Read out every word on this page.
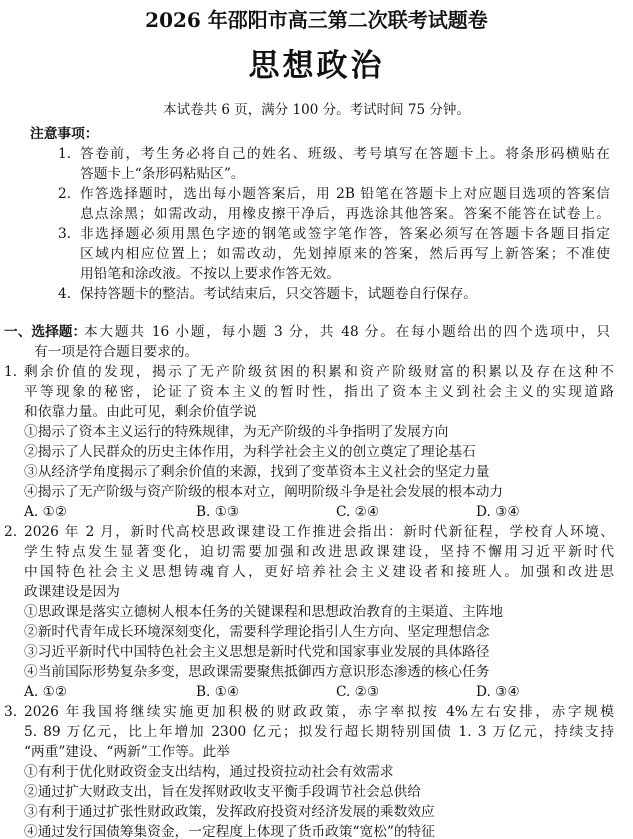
2026 年邵阳市高三第二次联考试题卷
思想政治
本试卷共 6 页，满分 100 分。考试时间 75 分钟。
注意事项：
1. 答卷前，考生务必将自己的姓名、班级、考号填写在答题卡上。将条形码横贴在
答题卡上“条形码粘贴区”。
2. 作答选择题时，选出每小题答案后，用 2B 铅笔在答题卡上对应题目选项的答案信
息点涂黑；如需改动，用橡皮擦干净后，再选涂其他答案。答案不能答在试卷上。
3. 非选择题必须用黑色字迹的钢笔或签字笔作答，答案必须写在答题卡各题目指定
区域内相应位置上；如需改动，先划掉原来的答案，然后再写上新答案；不准使
用铅笔和涂改液。不按以上要求作答无效。
4. 保持答题卡的整洁。考试结束后，只交答题卡，试题卷自行保存。
一、选择题：
本大题共 16 小题，每小题 3 分，共 48 分。在每小题给出的四个选项中，只
有一项是符合题目要求的。
1. 剩余价值的发现，揭示了无产阶级贫困的积累和资产阶级财富的积累以及存在这种不
平等现象的秘密，论证了资本主义的暂时性，指出了资本主义到社会主义的实现道路
和依靠力量。由此可见，剩余价值学说
①揭示了资本主义运行的特殊规律，为无产阶级的斗争指明了发展方向
②揭示了人民群众的历史主体作用，为科学社会主义的创立奠定了理论基石
③从经济学角度揭示了剩余价值的来源，找到了变革资本主义社会的坚定力量
④揭示了无产阶级与资产阶级的根本对立，阐明阶级斗争是社会发展的根本动力
A. ①②	B. ①③	C. ②④	D. ③④
2. 2026 年 2 月，新时代高校思政课建设工作推进会指出：新时代新征程，学校育人环境、
学生特点发生显著变化，迫切需要加强和改进思政课建设，坚持不懈用习近平新时代
中国特色社会主义思想铸魂育人，更好培养社会主义建设者和接班人。加强和改进思
政课建设是因为
①思政课是落实立德树人根本任务的关键课程和思想政治教育的主渠道、主阵地
②新时代青年成长环境深刻变化，需要科学理论指引人生方向、坚定理想信念
③习近平新时代中国特色社会主义思想是新时代党和国家事业发展的具体路径
④当前国际形势复杂多变，思政课需要聚焦抵御西方意识形态渗透的核心任务
A. ①②	B. ①④	C. ②③	D. ③④
3. 2026 年我国将继续实施更加积极的财政政策，赤字率拟按 4%左右安排，赤字规模
5. 89 万亿元，比上年增加 2300 亿元；拟发行超长期特别国债 1. 3 万亿元，持续支持
“两重”建设、“两新”工作等。此举
①有利于优化财政资金支出结构，通过投资拉动社会有效需求
②通过扩大财政支出，旨在发挥财政收支平衡手段调节社会总供给
③有利于通过扩张性财政政策，发挥政府投资对经济发展的乘数效应
④通过发行国债筹集资金，一定程度上体现了货币政策“宽松”的特征
